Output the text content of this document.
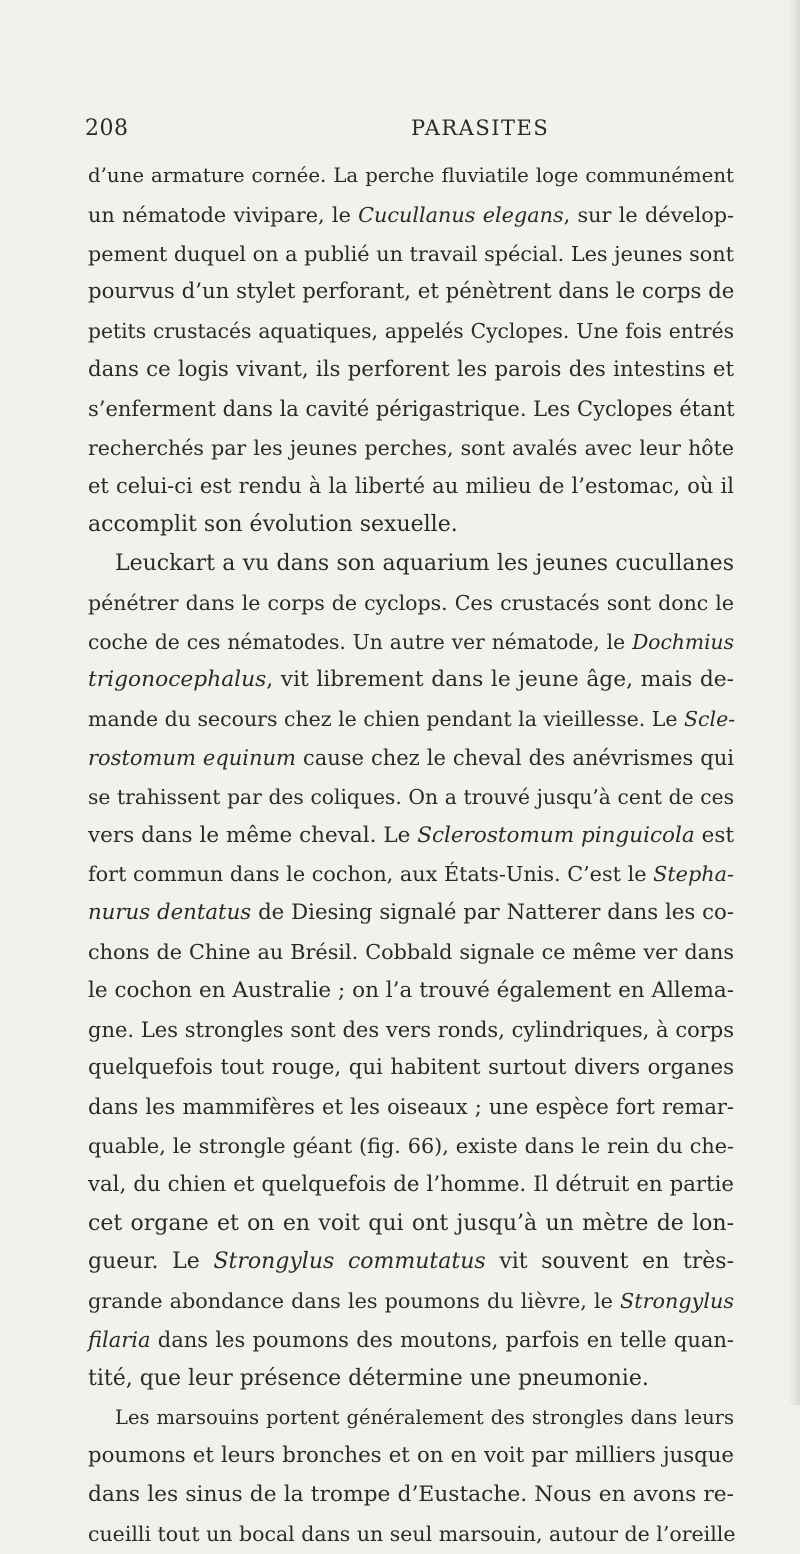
208	PARASITES
d’une armature cornée. La perche fluviatile loge communément
un nématode vivipare, le Cucullanus elegans, sur le dévelop-
pement duquel on a publié un travail spécial. Les jeunes sont
pourvus d’un stylet perforant, et pénètrent dans le corps de
petits crustacés aquatiques, appelés Cyclopes. Une fois entrés
dans ce logis vivant, ils perforent les parois des intestins et
s’enferment dans la cavité périgastrique. Les Cyclopes étant
recherchés par les jeunes perches, sont avalés avec leur hôte
et celui-ci est rendu à la liberté au milieu de l’estomac, où il
accomplit son évolution sexuelle.
Leuckart a vu dans son aquarium les jeunes cucullanes
pénétrer dans le corps de cyclops. Ces crustacés sont donc le
coche de ces nématodes. Un autre ver nématode, le Dochmius
trigonocephalus, vit librement dans le jeune âge, mais de-
mande du secours chez le chien pendant la vieillesse. Le Scle-
rostomum equinum cause chez le cheval des anévrismes qui
se trahissent par des coliques. On a trouvé jusqu’à cent de ces
vers dans le même cheval. Le Sclerostomum pinguicola est
fort commun dans le cochon, aux États-Unis. C’est le Stepha-
nurus dentatus de Diesing signalé par Natterer dans les co-
chons de Chine au Brésil. Cobbald signale ce même ver dans
le cochon en Australie ; on l’a trouvé également en Allema-
gne. Les strongles sont des vers ronds, cylindriques, à corps
quelquefois tout rouge, qui habitent surtout divers organes
dans les mammifères et les oiseaux ; une espèce fort remar-
quable, le strongle géant (fig. 66), existe dans le rein du che-
val, du chien et quelquefois de l’homme. Il détruit en partie
cet organe et on en voit qui ont jusqu’à un mètre de lon-
gueur. Le Strongylus commutatus vit souvent en très-
grande abondance dans les poumons du lièvre, le Strongylus
filaria dans les poumons des moutons, parfois en telle quan-
tité, que leur présence détermine une pneumonie.
Les marsouins portent généralement des strongles dans leurs
poumons et leurs bronches et on en voit par milliers jusque
dans les sinus de la trompe d’Eustache. Nous en avons re-
cueilli tout un bocal dans un seul marsouin, autour de l’oreille
